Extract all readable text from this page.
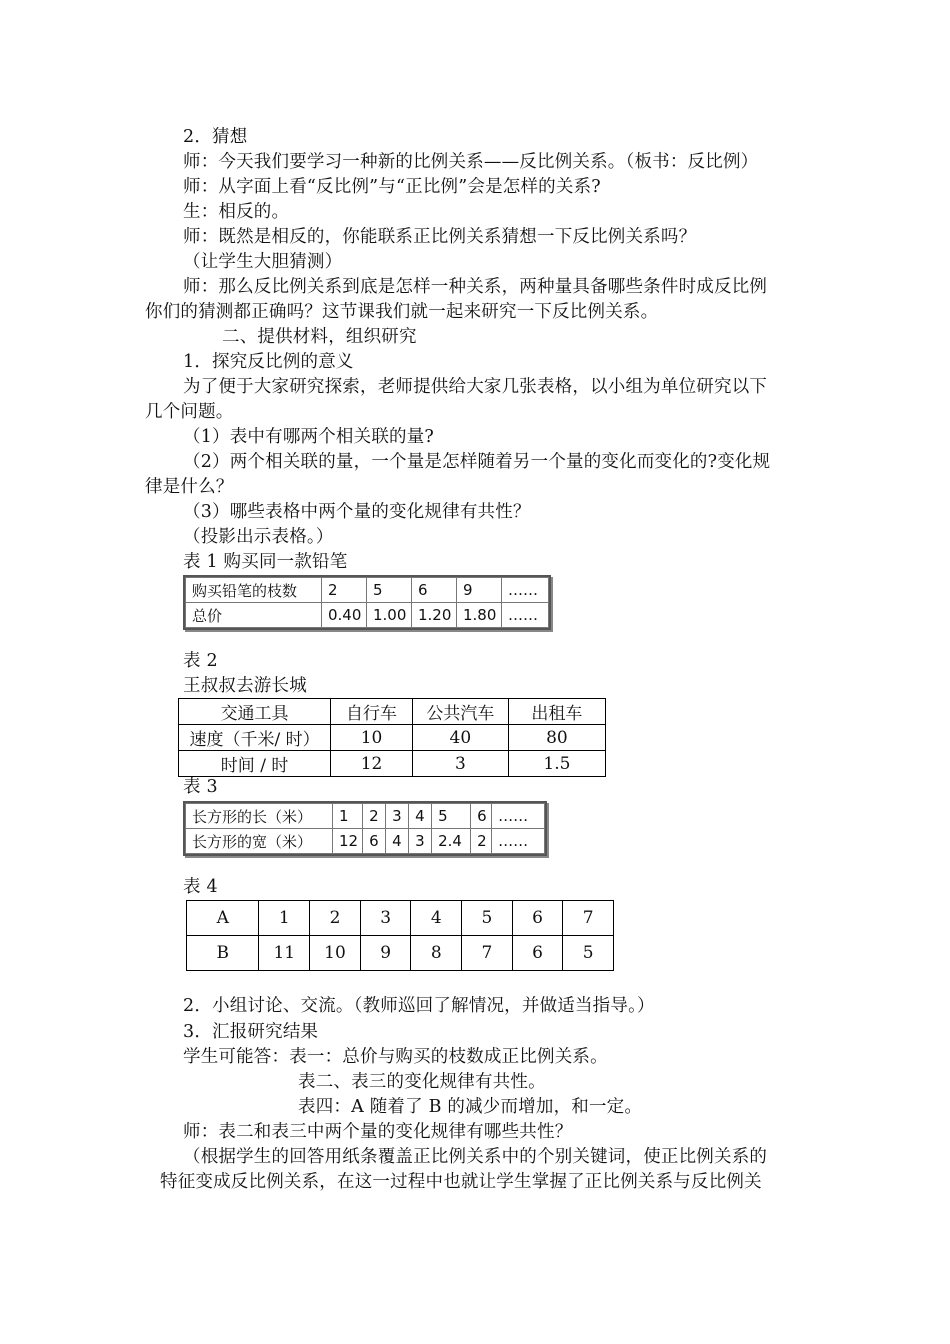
2．猜想
师：今天我们要学习一种新的比例关系——反比例关系。（板书：反比例）
师：从字面上看“反比例”与“正比例”会是怎样的关系?
生：相反的。
师：既然是相反的，你能联系正比例关系猜想一下反比例关系吗？
（让学生大胆猜测）
师：那么反比例关系到底是怎样一种关系，两种量具备哪些条件时成反比例
你们的猜测都正确吗？这节课我们就一起来研究一下反比例关系。
二、提供材料，组织研究
1．探究反比例的意义
为了便于大家研究探索，老师提供给大家几张表格，以小组为单位研究以下
几个问题。
（1）表中有哪两个相关联的量?
（2）两个相关联的量，一个量是怎样随着另一个量的变化而变化的?变化规
律是什么？
（3）哪些表格中两个量的变化规律有共性？
（投影出示表格。）
表 1 购买同一款铅笔
购买铅笔的枝数	2	5	6	9	……
总价	0.40	1.00	1.20	1.80	……
表 2
王叔叔去游长城
交通工具	自行车	公共汽车	出租车
速度（千米/ 时）	10	40	80
时间 / 时	12	3	1.5
表 3
长方形的长（米）	1	2	3	4	5	6	……
长方形的宽（米）	12	6	4	3	2.4	2	……
表 4
A	1	2	3	4	5	6	7
B	11	10	9	8	7	6	5
2．小组讨论、交流。（教师巡回了解情况，并做适当指导。）
3．汇报研究结果
学生可能答：表一：总价与购买的枝数成正比例关系。
表二、表三的变化规律有共性。
表四：A 随着了 B 的减少而增加，和一定。
师：表二和表三中两个量的变化规律有哪些共性？
（根据学生的回答用纸条覆盖正比例关系中的个别关键词，使正比例关系的
特征变成反比例关系，在这一过程中也就让学生掌握了正比例关系与反比例关
